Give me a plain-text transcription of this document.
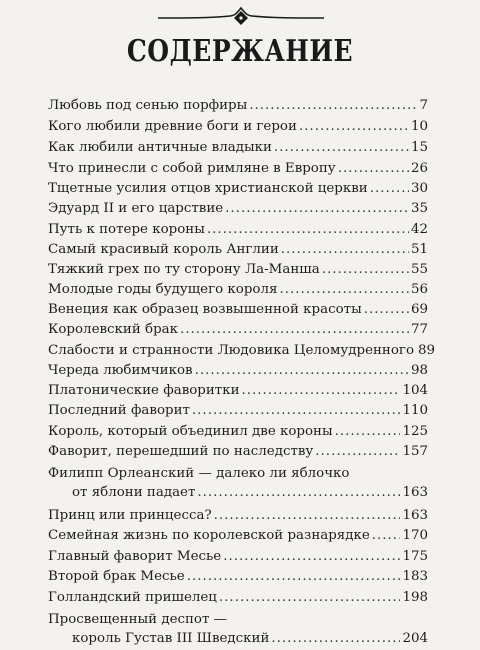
СОДЕРЖАНИЕ
Любовь под сенью порфиры .....	7
Кого любили древние боги и герои .....	10
Как любили античные владыки .....	15
Что принесли с собой римляне в Европу .....	26
Тщетные усилия отцов христианской церкви .....	30
Эдуард II и его царствие .....	35
Путь к потере короны .....	42
Самый красивый король Англии .....	51
Тяжкий грех по ту сторону Ла-Манша .....	55
Молодые годы будущего короля .....	56
Венеция как образец возвышенной красоты .....	69
Королевский брак .....	77
Слабости и странности Людовика Целомудренного 89
Череда любимчиков .....	98
Платонические фаворитки .....	104
Последний фаворит .....	110
Король, который объединил две короны .....	125
Фаворит, перешедший по наследству .....	157
Филипп Орлеанский — далеко ли яблочко
от яблони падает .....	163
Принц или принцесса? .....	163
Семейная жизнь по королевской разнарядке ..... 170
Главный фаворит Месье .....	175
Второй брак Месье .....	183
Голландский пришелец .....	198
Просвещенный деспот —
король Густав III Шведский .....	204
.....
